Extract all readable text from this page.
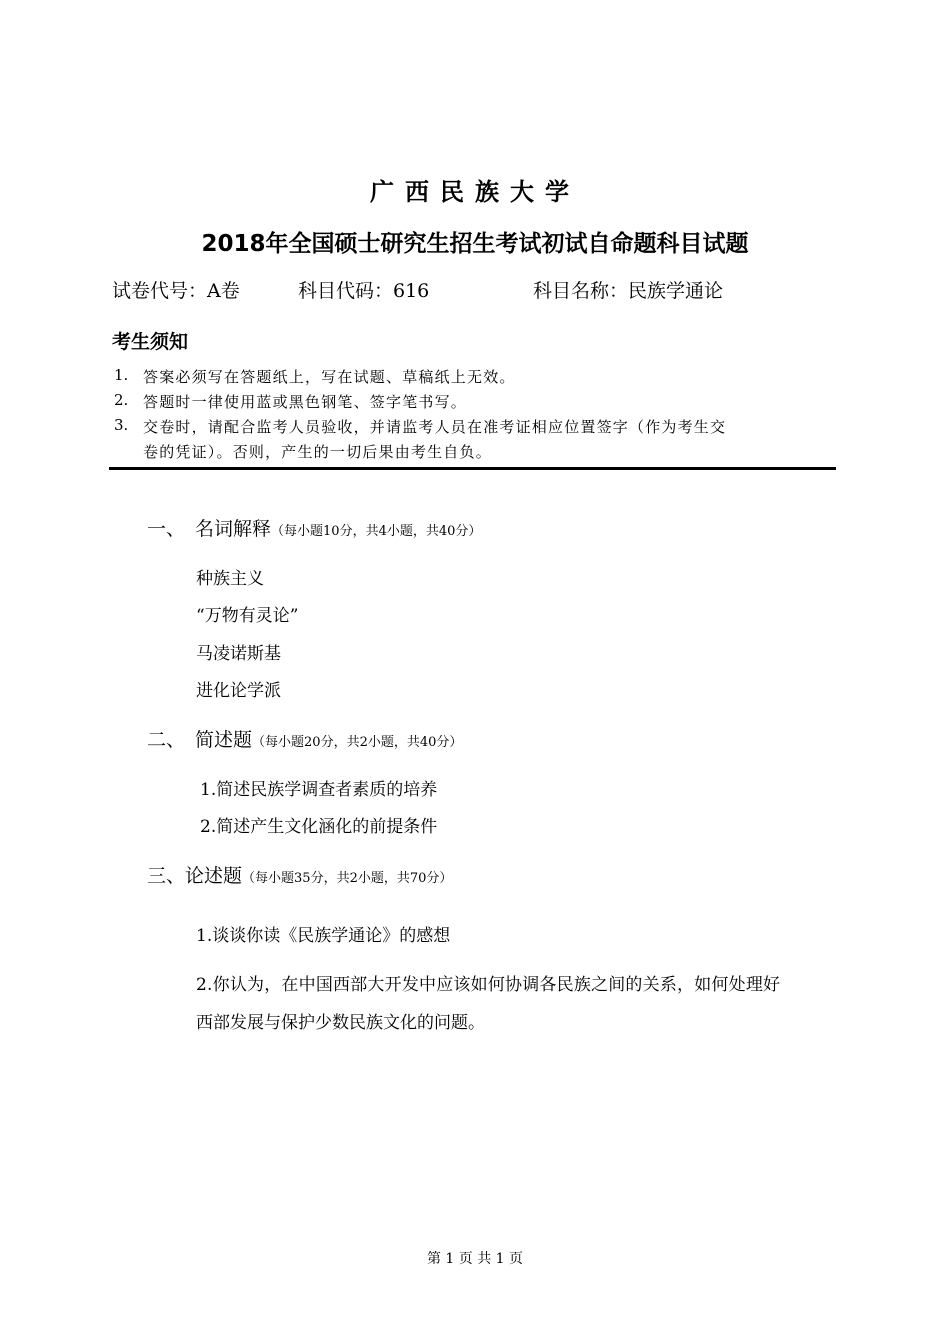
广西民族大学
2018年全国硕士研究生招生考试初试自命题科目试题
试卷代号：A卷	科目代码：616	科目名称：民族学通论
考生须知
1. 答案必须写在答题纸上，写在试题、草稿纸上无效。
2. 答题时一律使用蓝或黑色钢笔、签字笔书写。
3. 交卷时，请配合监考人员验收，并请监考人员在准考证相应位置签字（作为考生交
卷的凭证）。否则，产生的一切后果由考生自负。
一、 名词解释（每小题10分，共4小题，共40分）
种族主义
“万物有灵论”
马凌诺斯基
进化论学派
二、 简述题（每小题20分，共2小题，共40分）
1.简述民族学调查者素质的培养
2.简述产生文化涵化的前提条件
三、论述题（每小题35分，共2小题，共70分）
1.谈谈你读《民族学通论》的感想
2.你认为，在中国西部大开发中应该如何协调各民族之间的关系，如何处理好
西部发展与保护少数民族文化的问题。
第 1 页 共 1 页
